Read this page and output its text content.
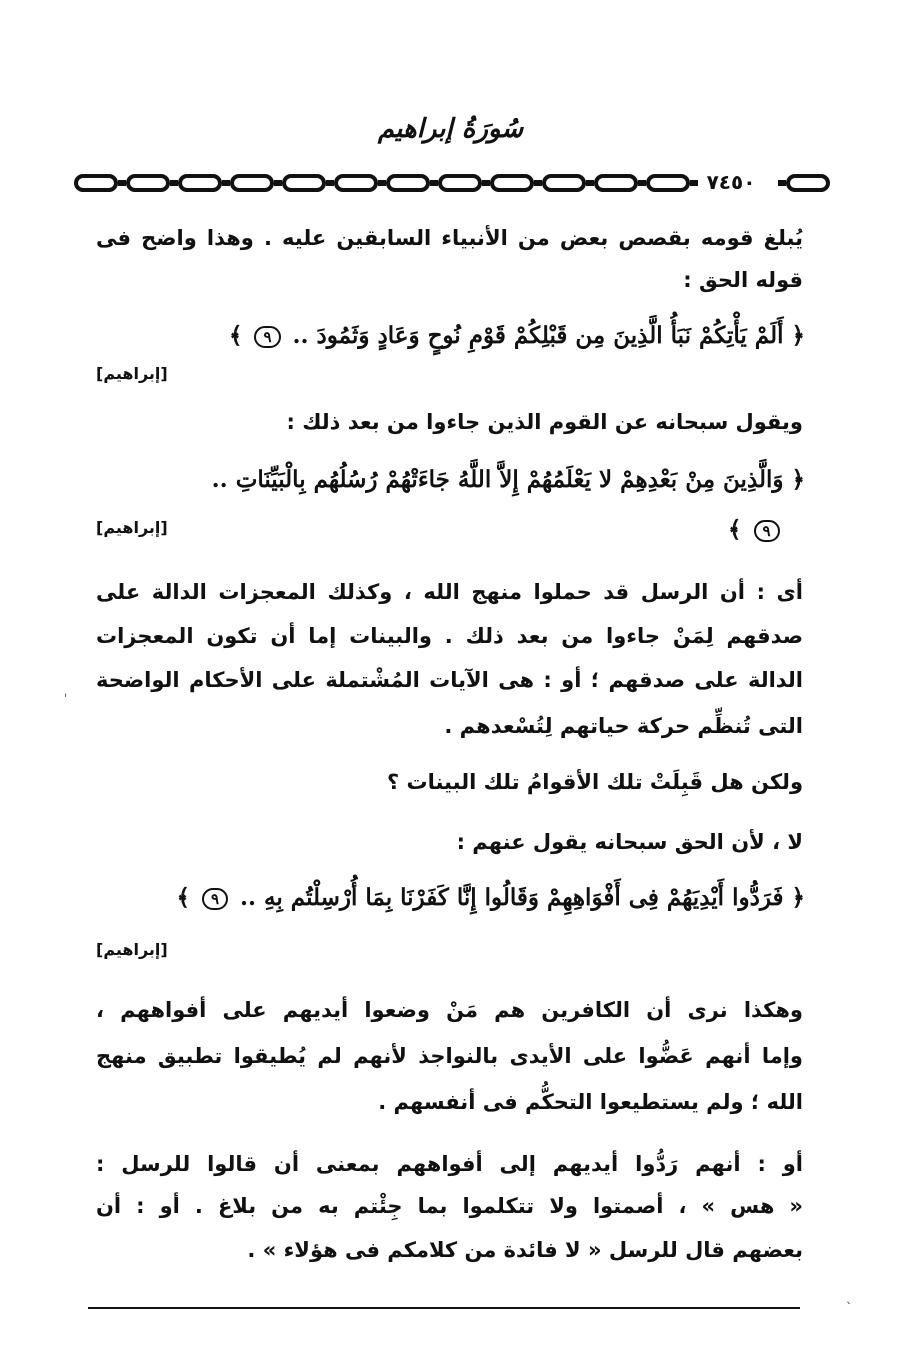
سُورَةُ إبراهيم
٧٤٥٠
يُبلغ قومه بقصص بعض من الأنبياء السابقين عليه . وهذا واضح فى
قوله الحق :
﴿ أَلَمْ يَأْتِكُمْ نَبَأُ الَّذِينَ مِن قَبْلِكُمْ قَوْمِ نُوحٍ وَعَادٍ وَثَمُودَ .. ٩ ﴾
[إبراهيم]
ويقول سبحانه عن القوم الذين جاءوا من بعد ذلك :
﴿ وَالَّذِينَ مِنْ بَعْدِهِمْ لا يَعْلَمُهُمْ إِلاَّ اللَّهُ جَاءَتْهُمْ رُسُلُهُم بِالْبَيِّنَاتِ ..
[إبراهيم]	٩ ﴾
أى : أن الرسل قد حملوا منهج الله ، وكذلك المعجزات الدالة على
صدقهم لِمَنْ جاءوا من بعد ذلك . والبينات إما أن تكون المعجزات
الدالة على صدقهم ؛ أو : هى الآيات المُشْتملة على الأحكام الواضحة
التى تُنظِّم حركة حياتهم لِتُسْعدهم .
ولكن هل قَبِلَتْ تلك الأقوامُ تلك البينات ؟
لا ، لأن الحق سبحانه يقول عنهم :
﴿ فَرَدُّوا أَيْدِيَهُمْ فِى أَفْوَاهِهِمْ وَقَالُوا إِنَّا كَفَرْنَا بِمَا أُرْسِلْتُم بِهِ .. ٩ ﴾
[إبراهيم]
وهكذا نرى أن الكافرين هم مَنْ وضعوا أيديهم على أفواههم ،
وإما أنهم عَضُّوا على الأيدى بالنواجذ لأنهم لم يُطيقوا تطبيق منهج
الله ؛ ولم يستطيعوا التحكُّم فى أنفسهم .
أو : أنهم رَدُّوا أيديهم إلى أفواههم بمعنى أن قالوا للرسل :
« هس » ، أصمتوا ولا تتكلموا بما جِئْتم به من بلاغ . أو : أن
بعضهم قال للرسل « لا فائدة من كلامكم فى هؤلاء » .
ˈ
ˎ
